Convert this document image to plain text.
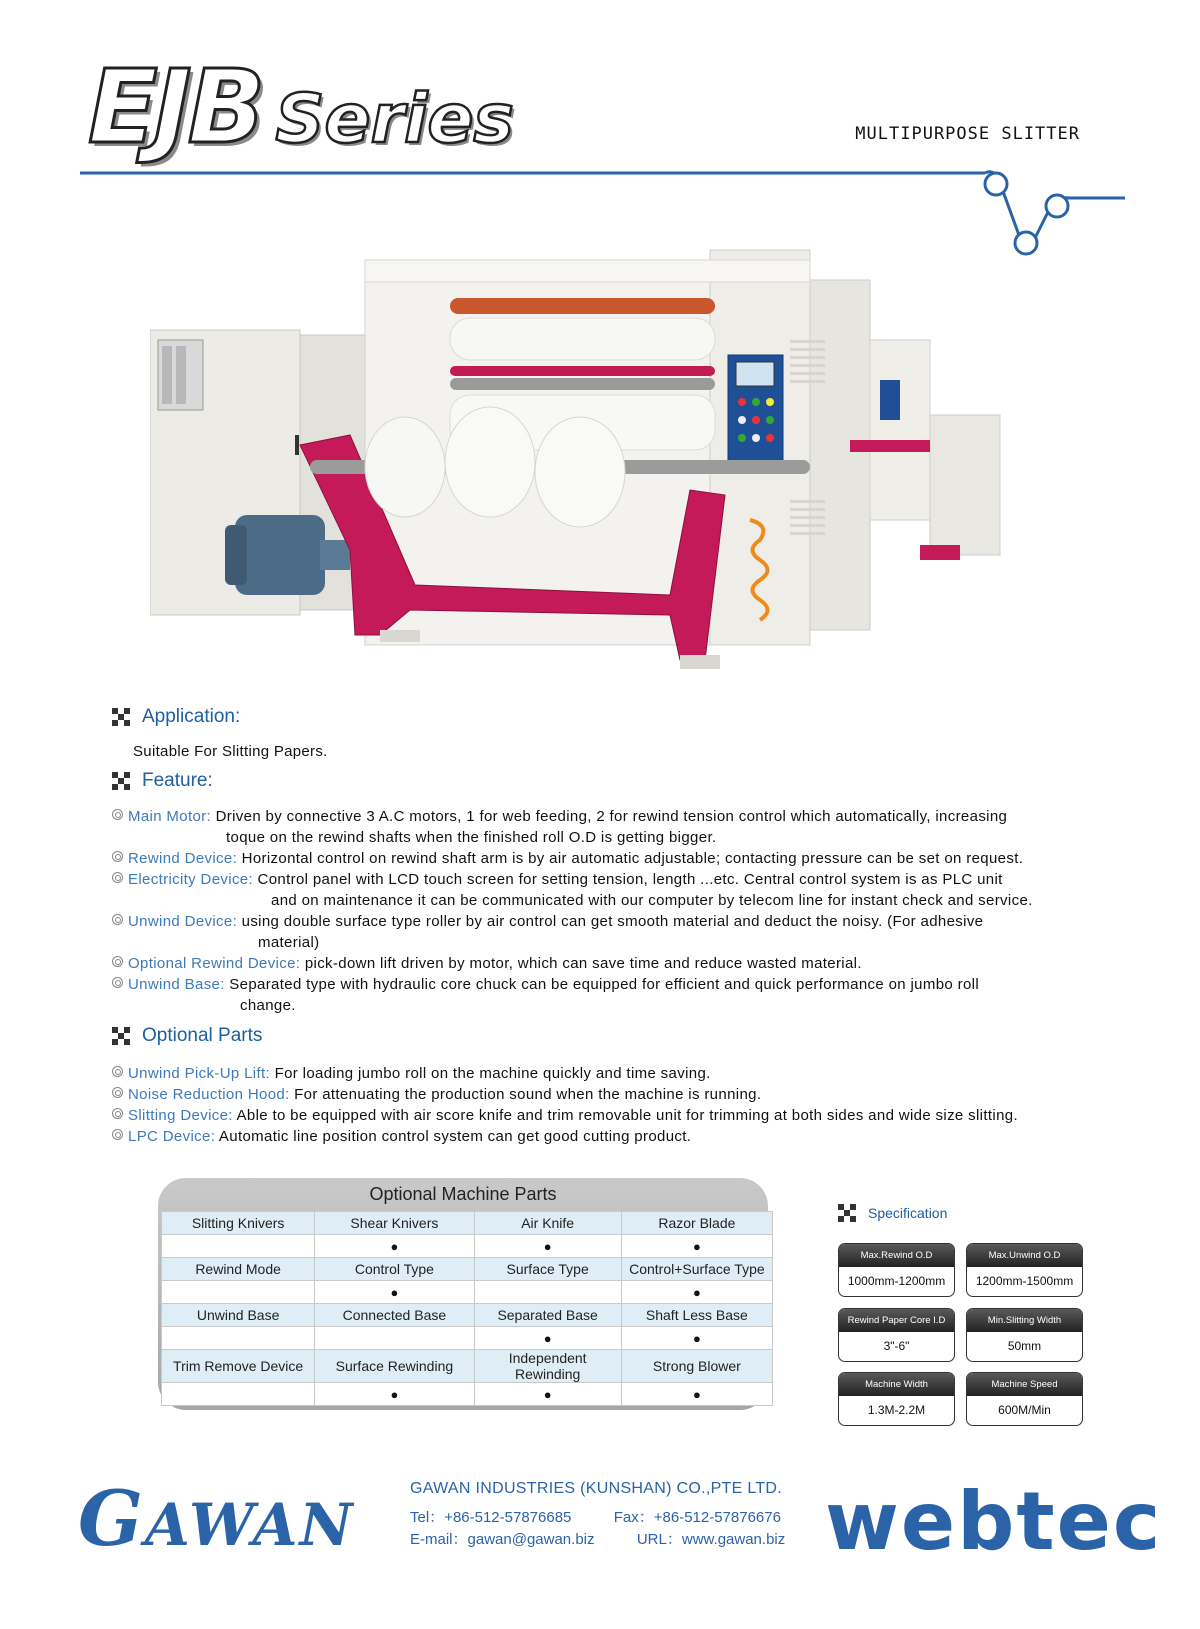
EJB Series	MULTIPURPOSE SLITTER
Application:
Suitable For Slitting Papers.
Feature:
Main Motor: Driven by connective 3 A.C motors, 1 for web feeding, 2 for rewind tension control which automatically, increasing
toque on the rewind shafts when the finished roll O.D is getting bigger.
Rewind Device: Horizontal control on rewind shaft arm is by air automatic adjustable; contacting pressure can be set on request.
Electricity Device: Control panel with LCD touch screen for setting tension, length ...etc. Central control system is as PLC unit
and on maintenance it can be communicated with our computer by telecom line for instant check and service.
Unwind Device: using double surface type roller by air control can get smooth material and deduct the noisy. (For adhesive
material)
Optional Rewind Device: pick-down lift driven by motor, which can save time and reduce wasted material.
Unwind Base: Separated type with hydraulic core chuck can be equipped for efficient and quick performance on jumbo roll
change.
Optional Parts
Unwind Pick-Up Lift: For loading jumbo roll on the machine quickly and time saving.
Noise Reduction Hood: For attenuating the production sound when the machine is running.
Slitting Device: Able to be equipped with air score knife and trim removable unit for trimming at both sides and wide size slitting.
LPC Device: Automatic line position control system can get good cutting product.
Optional Machine Parts
Slitting Knivers	Shear Knivers	Air Knife	Razor Blade
	●	●	●
Rewind Mode	Control Type	Surface Type	Control+Surface Type
	●		●
Unwind Base	Connected Base	Separated Base	Shaft Less Base
		●	●
Trim Remove Device	Surface Rewinding	Independent Rewinding	Strong Blower
	●	●	●
Specification
Max.Rewind O.D
1000mm-1200mm
Max.Unwind O.D
1200mm-1500mm
Rewind Paper Core I.D
3"-6"
Min.Slitting Width
50mm
Machine Width
1.3M-2.2M
Machine Speed
600M/Min
GAWAN
GAWAN INDUSTRIES (KUNSHAN) CO.,PTE LTD.
Tel：+86-512-57876685	Fax：+86-512-57876676
E-mail：gawan@gawan.biz	URL：www.gawan.biz webtec
